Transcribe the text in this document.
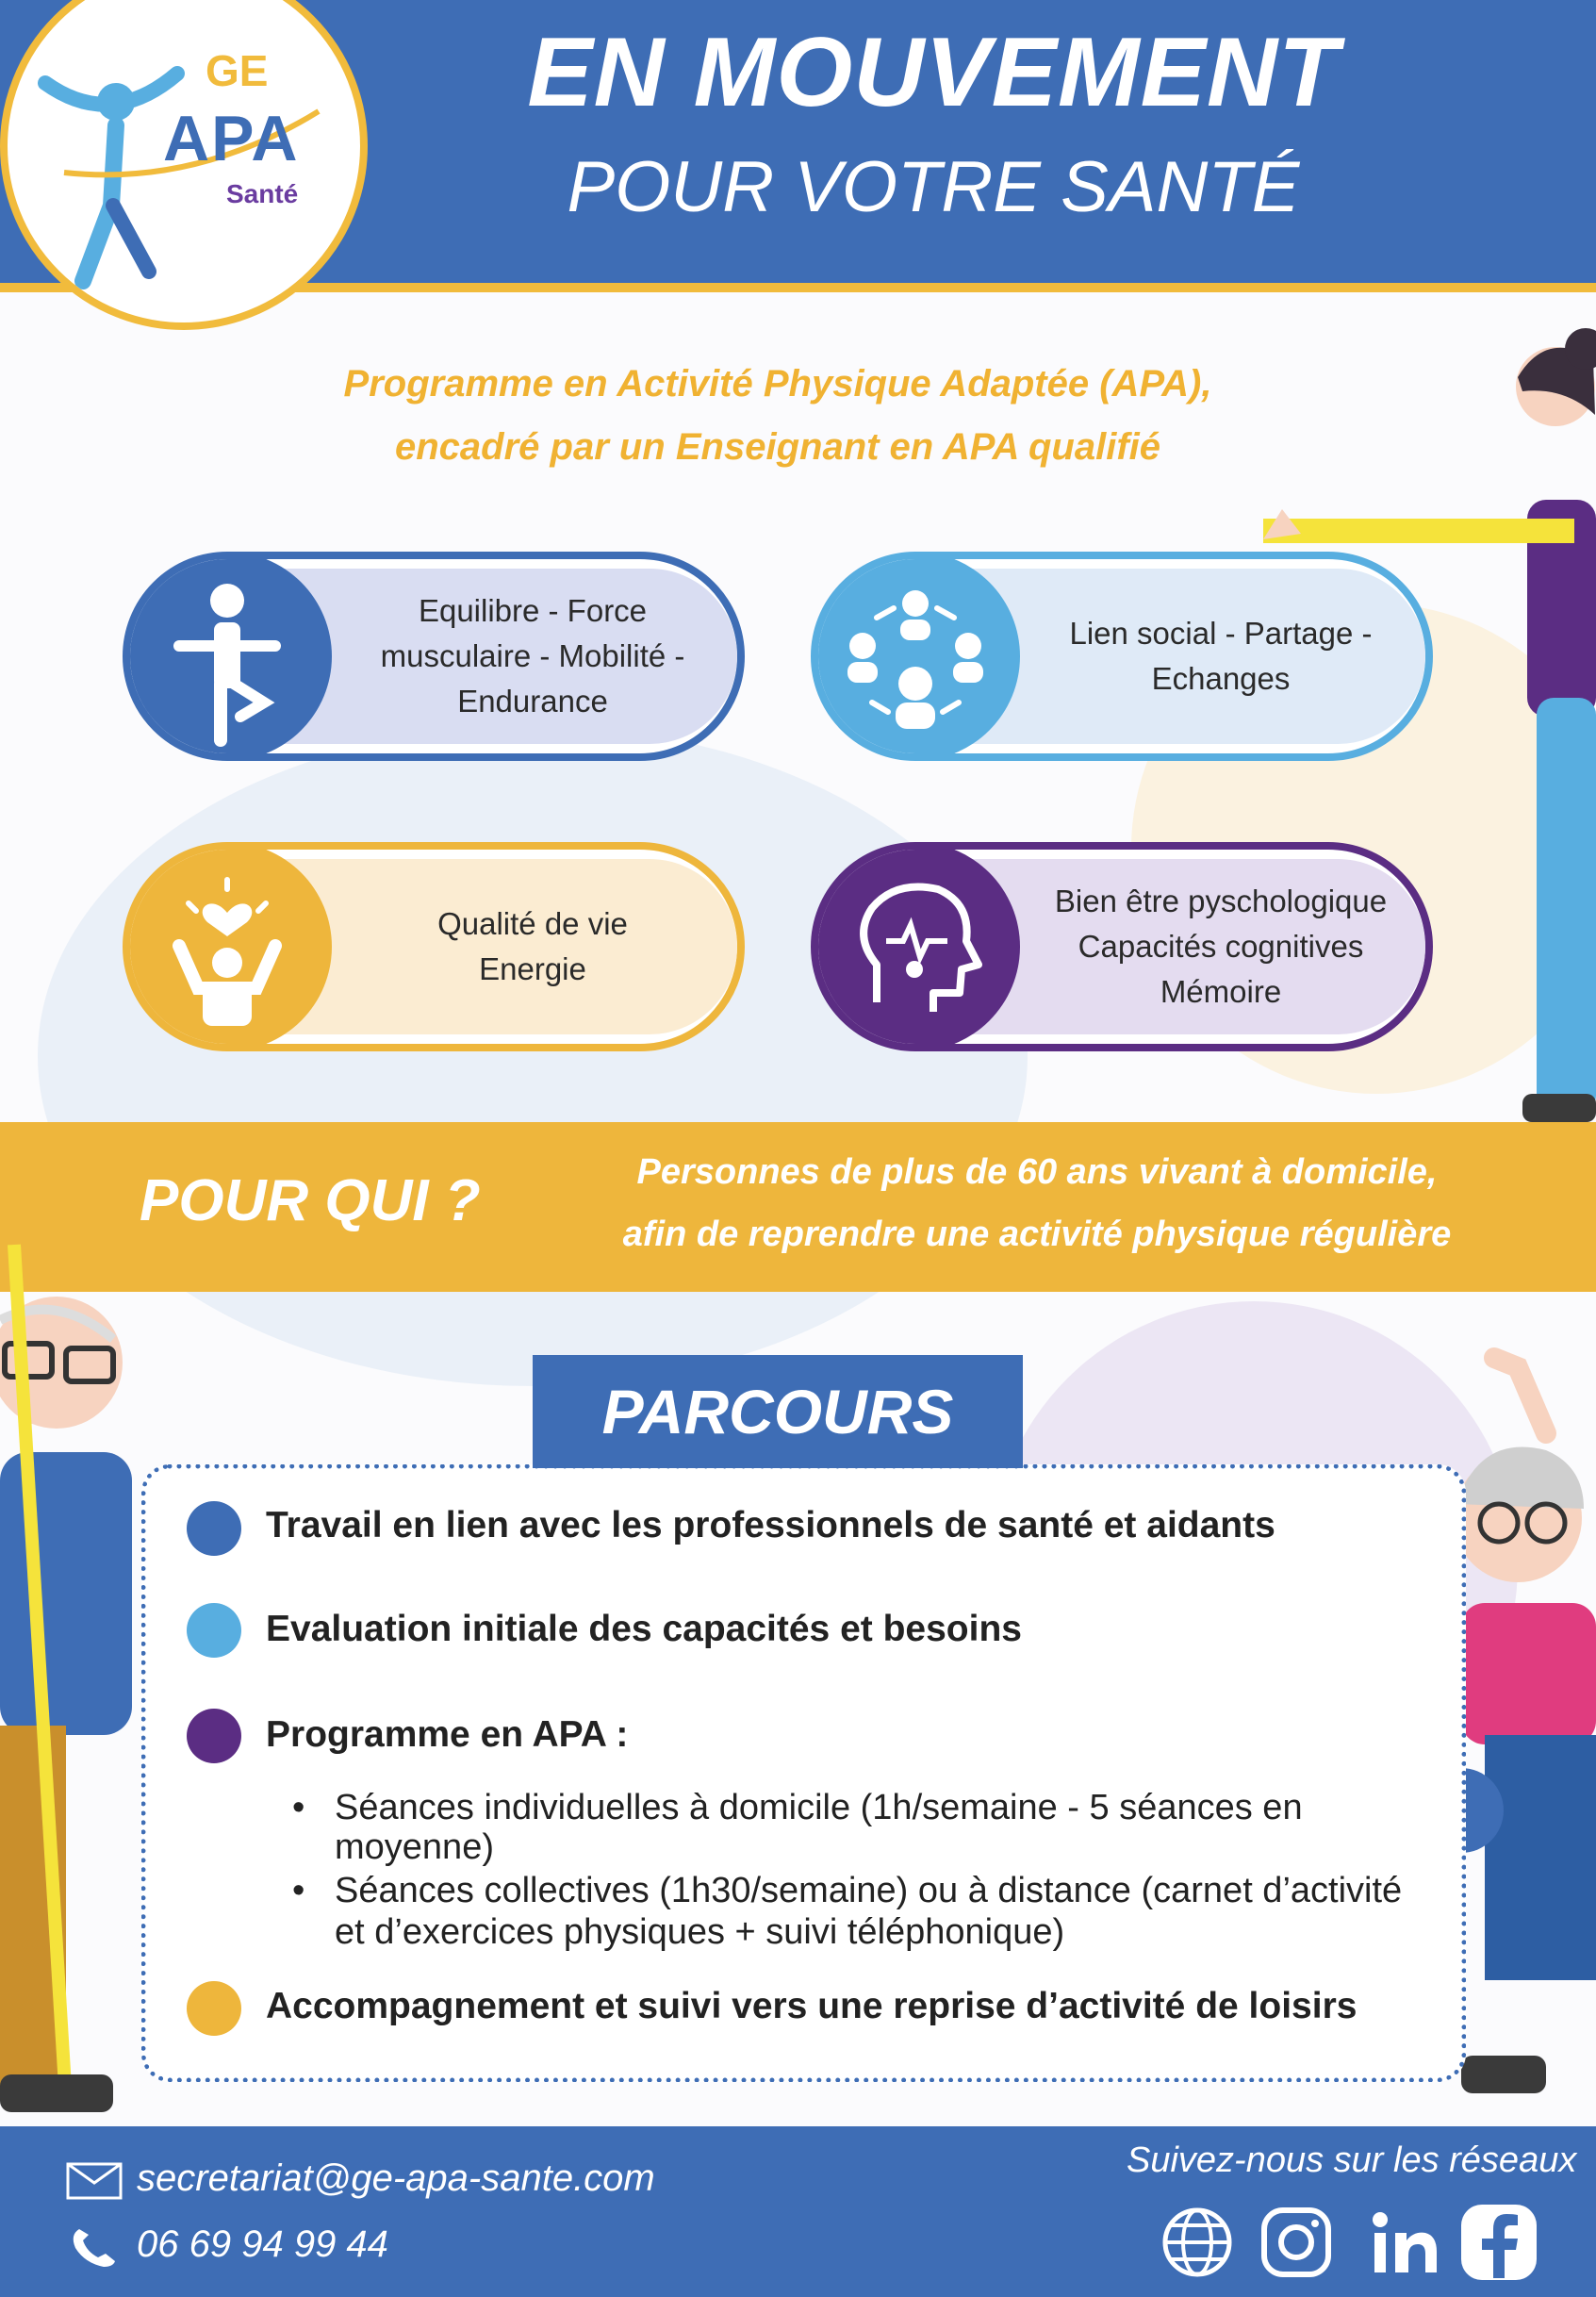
GE
APA
Santé
EN MOUVEMENT
POUR VOTRE SANTÉ
Programme en Activité Physique Adaptée (APA),
encadré par un Enseignant en APA qualifié
Equilibre - Force
musculaire - Mobilité -
Endurance
Lien social - Partage -
Echanges
Qualité de vie
Energie
Bien être pyschologique
Capacités cognitives
Mémoire
POUR QUI ?	Personnes de plus de 60 ans vivant à domicile,
afin de reprendre une activité physique régulière
PARCOURS
Travail en lien avec les professionnels de santé et aidants
Evaluation initiale des capacités et besoins
Programme en APA :
• Séances individuelles à domicile (1h/semaine - 5 séances en
moyenne)
• Séances collectives (1h30/semaine) ou à distance (carnet d’activité
et d’exercices physiques + suivi téléphonique)
Accompagnement et suivi vers une reprise d’activité de loisirs
secretariat@ge-apa-sante.com
06 69 94 99 44
Suivez-nous sur les réseaux
